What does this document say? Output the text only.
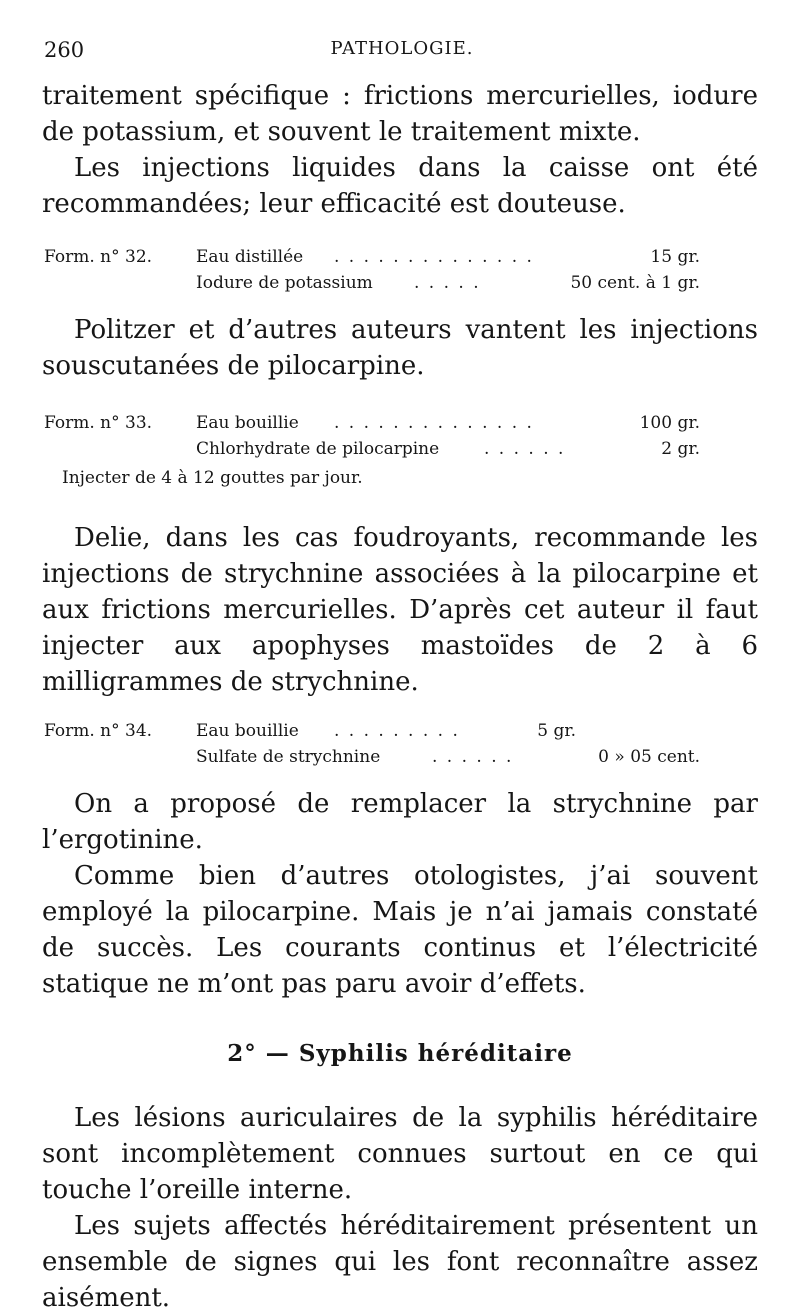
260	PATHOLOGIE.

traitement spécifique : frictions mercurielles, iodure de potassium, et souvent le traitement mixte.

Les injections liquides dans la caisse ont été recommandées; leur efficacité est douteuse.

Form. n° 32.	Eau distillée . . . . . . . . . . . . . .	15 gr.
Iodure de potassium . . . . .	50 cent. à 1 gr.
Politzer et d’autres auteurs vantent les injections souscutanées de pilocarpine.
Form. n° 33.	Eau bouillie . . . . . . . . . . . . . .	100 gr.
Chlorhydrate de pilocarpine	. . . . . .	2 gr.
Injecter de 4 à 12 gouttes par jour.
Delie, dans les cas foudroyants, recommande les injections de strychnine associées à la pilocarpine et aux frictions mercurielles. D’après cet auteur il faut injecter aux apophyses mastoïdes de 2 à 6 milligrammes de strychnine.
Form. n° 34.	Eau bouillie . . . . . . . . .	5 gr.
Sulfate de strychnine	. . . . . .	0 » 05 cent.

On a proposé de remplacer la strychnine par l’ergotinine.

Comme bien d’autres otologistes, j’ai souvent employé la pilocarpine. Mais je n’ai jamais constaté de succès. Les courants continus et l’électricité statique ne m’ont pas paru avoir d’effets.

2° — Syphilis héréditaire

Les lésions auriculaires de la syphilis héréditaire sont incomplètement connues surtout en ce qui touche l’oreille interne.

Les sujets affectés héréditairement présentent un ensemble de signes qui les font reconnaître assez aisément.
